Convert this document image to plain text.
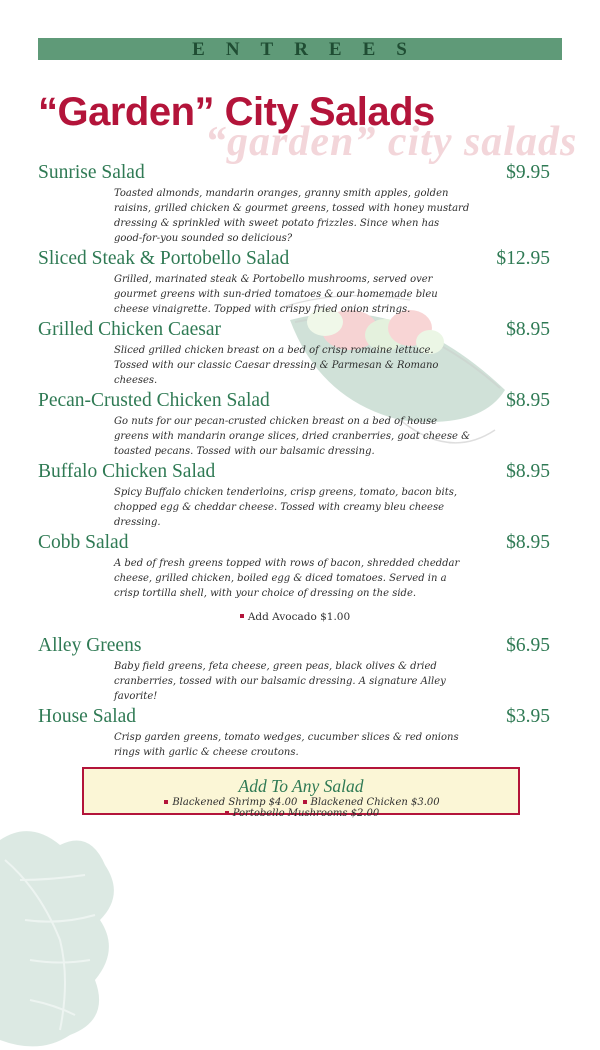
ENTREES
“garden” city salads
“Garden” City Salads
Sunrise Salad	$9.95
Toasted almonds, mandarin oranges, granny smith apples, golden raisins, grilled chicken & gourmet greens, tossed with honey mustard dressing & sprinkled with sweet potato frizzles. Since when has good-for-you sounded so delicious?
Sliced Steak & Portobello Salad	$12.95
Grilled, marinated steak & Portobello mushrooms, served over gourmet greens with sun-dried tomatoes & our homemade bleu cheese vinaigrette. Topped with crispy fried onion strings.
Grilled Chicken Caesar	$8.95
Sliced grilled chicken breast on a bed of crisp romaine lettuce. Tossed with our classic Caesar dressing & Parmesan & Romano cheeses.
Pecan-Crusted Chicken Salad	$8.95
Go nuts for our pecan-crusted chicken breast on a bed of house greens with mandarin orange slices, dried cranberries, goat cheese & toasted pecans. Tossed with our balsamic dressing.
Buffalo Chicken Salad	$8.95
Spicy Buffalo chicken tenderloins, crisp greens, tomato, bacon bits, chopped egg & cheddar cheese. Tossed with creamy bleu cheese dressing.
Cobb Salad	$8.95
A bed of fresh greens topped with rows of bacon, shredded cheddar cheese, grilled chicken, boiled egg & diced tomatoes. Served in a crisp tortilla shell, with your choice of dressing on the side.
Add Avocado $1.00
Alley Greens	$6.95
Baby field greens, feta cheese, green peas, black olives & dried cranberries, tossed with our balsamic dressing. A signature Alley favorite!
House Salad	$3.95
Crisp garden greens, tomato wedges, cucumber slices & red onions rings with garlic & cheese croutons.
Add To Any Salad
Blackened Shrimp $4.00 Blackened Chicken $3.00 Portobello Mushrooms $2.00
